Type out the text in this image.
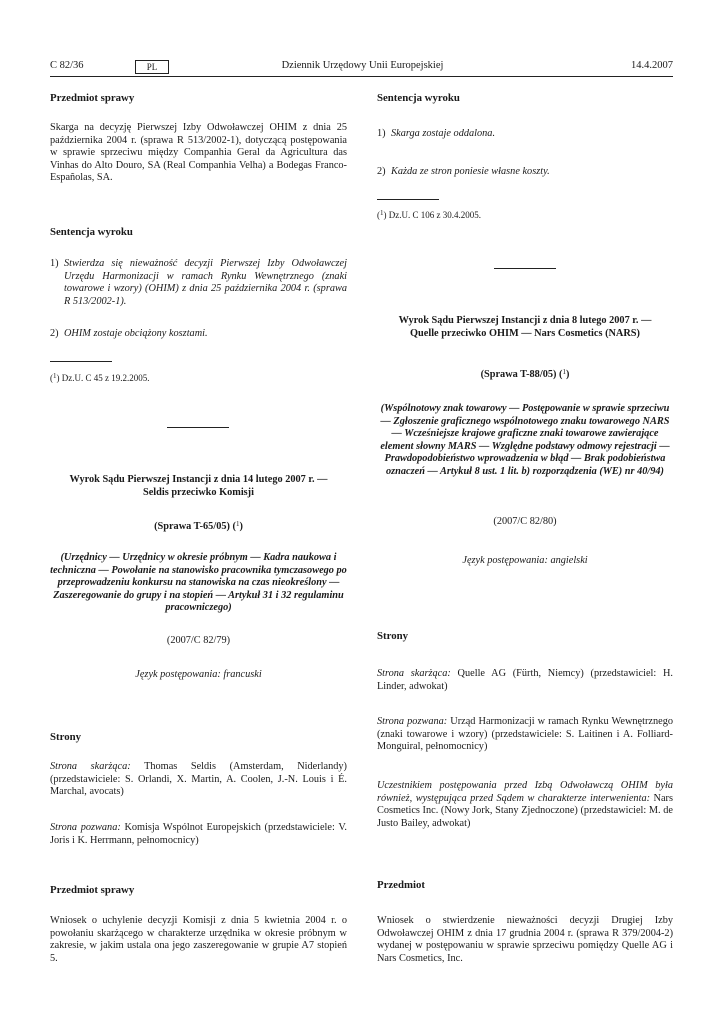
C 82/36	PL	Dziennik Urzędowy Unii Europejskiej	14.4.2007
Przedmiot sprawy
Skarga na decyzję Pierwszej Izby Odwoławczej OHIM z dnia 25 października 2004 r. (sprawa R 513/2002-1), dotyczącą postępowania w sprawie sprzeciwu między Companhia Geral da Agricultura das Vinhas do Alto Douro, SA (Real Companhia Velha) a Bodegas Franco-Españolas, SA.
Sentencja wyroku
1) Stwierdza się nieważność decyzji Pierwszej Izby Odwoławczej Urzędu Harmonizacji w ramach Rynku Wewnętrznego (znaki towarowe i wzory) (OHIM) z dnia 25 października 2004 r. (sprawa R 513/2002-1).
2) OHIM zostaje obciążony kosztami.
($^1$) Dz.U. C 45 z 19.2.2005.
Wyrok Sądu Pierwszej Instancji z dnia 14 lutego 2007 r. —
Seldis przeciwko Komisji
(Sprawa T-65/05) ($^1$)
(Urzędnicy — Urzędnicy w okresie próbnym — Kadra naukowa i techniczna — Powołanie na stanowisko pracownika tymczasowego po przeprowadzeniu konkursu na stanowiska na czas nieokreślony — Zaszeregowanie do grupy i na stopień — Artykuł 31 i 32 regulaminu pracowniczego)
(2007/C 82/79)
Język postępowania: francuski
Strony
Strona skarżąca: Thomas Seldis (Amsterdam, Niderlandy) (przedstawiciele: S. Orlandi, X. Martin, A. Coolen, J.-N. Louis i É. Marchal, avocats)
Strona pozwana: Komisja Wspólnot Europejskich (przedstawiciele: V. Joris i K. Herrmann, pełnomocnicy)
Przedmiot sprawy
Wniosek o uchylenie decyzji Komisji z dnia 5 kwietnia 2004 r. o powołaniu skarżącego w charakterze urzędnika w okresie próbnym w zakresie, w jakim ustala ona jego zaszeregowanie w grupie A7 stopień 5.
Sentencja wyroku
1) Skarga zostaje oddalona.
2) Każda ze stron poniesie własne koszty.
($^1$) Dz.U. C 106 z 30.4.2005.
Wyrok Sądu Pierwszej Instancji z dnia 8 lutego 2007 r. —
Quelle przeciwko OHIM — Nars Cosmetics (NARS)
(Sprawa T-88/05) ($^1$)
(Wspólnotowy znak towarowy — Postępowanie w sprawie sprzeciwu — Zgłoszenie graficznego wspólnotowego znaku towarowego NARS — Wcześniejsze krajowe graficzne znaki towarowe zawierające element słowny MARS — Względne podstawy odmowy rejestracji — Prawdopodobieństwo wprowadzenia w błąd — Brak podobieństwa oznaczeń — Artykuł 8 ust. 1 lit. b) rozporządzenia (WE) nr 40/94)
(2007/C 82/80)
Język postępowania: angielski
Strony
Strona skarżąca: Quelle AG (Fürth, Niemcy) (przedstawiciel: H. Linder, adwokat)
Strona pozwana: Urząd Harmonizacji w ramach Rynku Wewnętrznego (znaki towarowe i wzory) (przedstawiciele: S. Laitinen i A. Folliard-Monguiral, pełnomocnicy)
Uczestnikiem postępowania przed Izbą Odwoławczą OHIM była również, występująca przed Sądem w charakterze interwenienta: Nars Cosmetics Inc. (Nowy Jork, Stany Zjednoczone) (przedstawiciel: M. de Justo Bailey, adwokat)
Przedmiot
Wniosek o stwierdzenie nieważności decyzji Drugiej Izby Odwoławczej OHIM z dnia 17 grudnia 2004 r. (sprawa R 379/2004-2) wydanej w postępowaniu w sprawie sprzeciwu pomiędzy Quelle AG i Nars Cosmetics, Inc.
